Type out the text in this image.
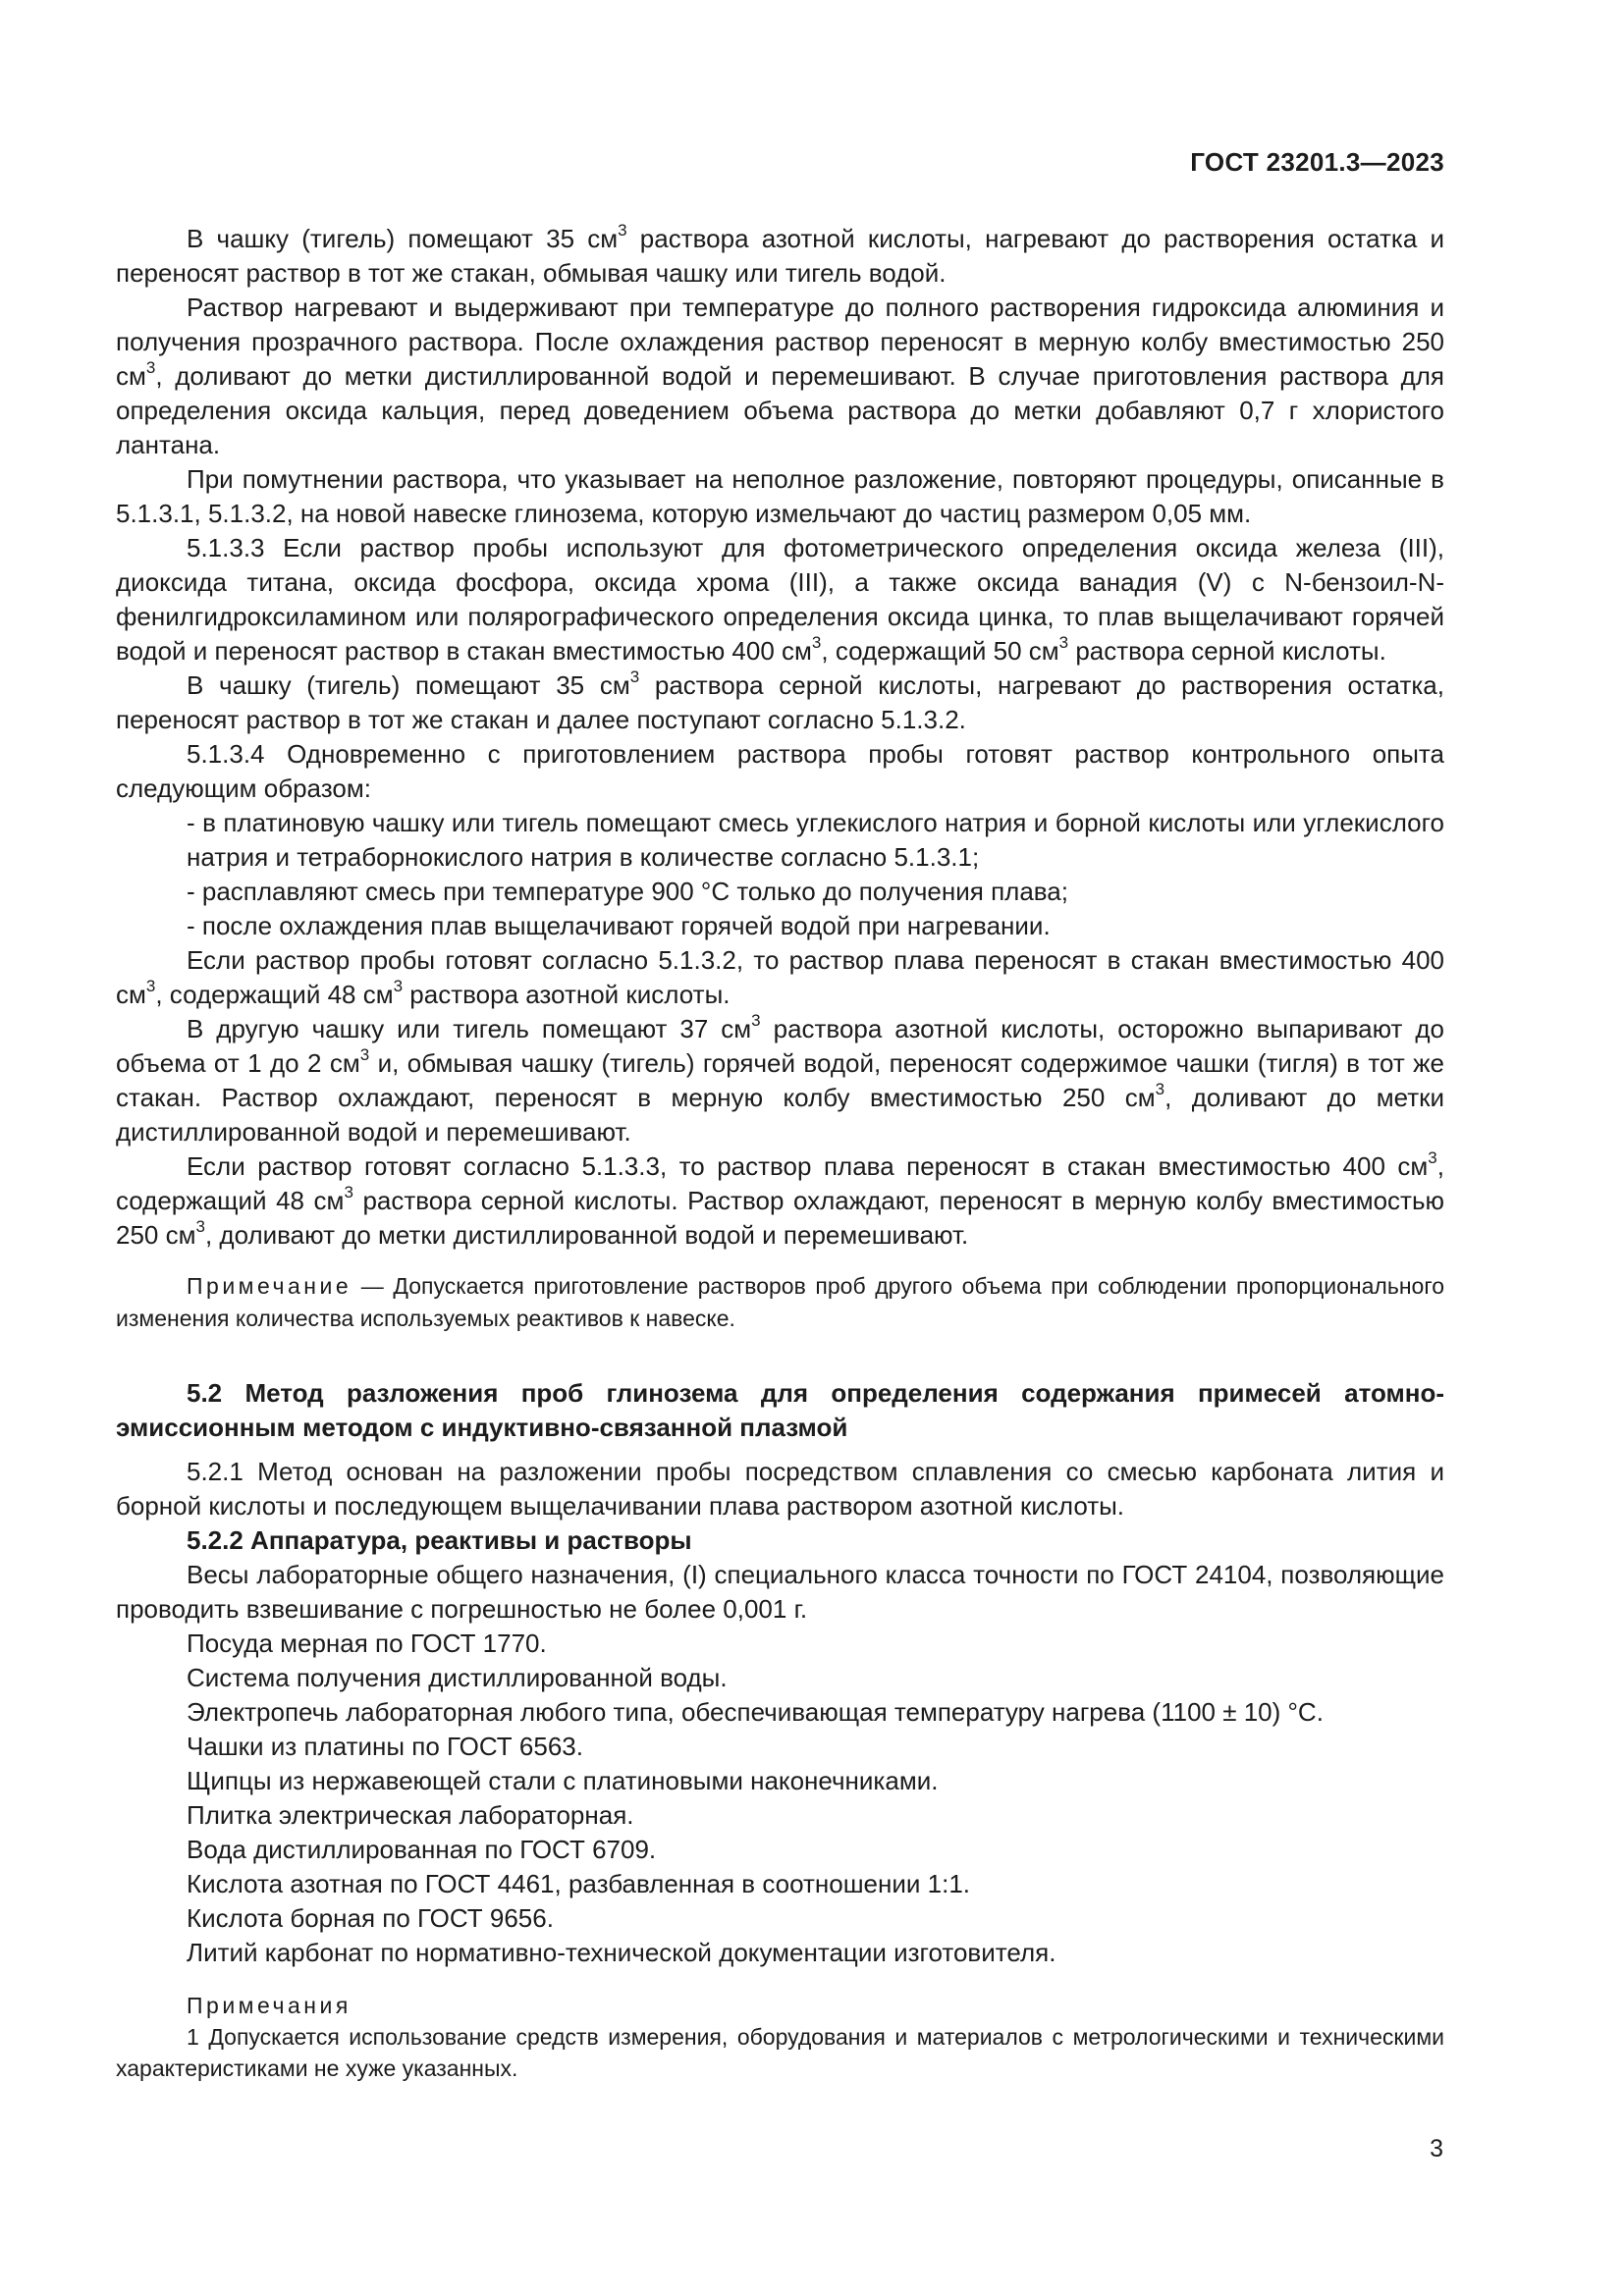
ГОСТ 23201.3—2023

В чашку (тигель) помещают 35 $см^3$ раствора азотной кислоты, нагревают до растворения остатка и переносят раствор в тот же стакан, обмывая чашку или тигель водой.

Раствор нагревают и выдерживают при температуре до полного растворения гидроксида алюминия и получения прозрачного раствора. После охлаждения раствор переносят в мерную колбу вместимостью 250 $см^3$, доливают до метки дистиллированной водой и перемешивают. В случае приготовления раствора для определения оксида кальция, перед доведением объема раствора до метки добавляют 0,7 г хлористого лантана.

При помутнении раствора, что указывает на неполное разложение, повторяют процедуры, описанные в 5.1.3.1, 5.1.3.2, на новой навеске глинозема, которую измельчают до частиц размером 0,05 мм.

5.1.3.3 Если раствор пробы используют для фотометрического определения оксида железа (III), диоксида титана, оксида фосфора, оксида хрома (III), а также оксида ванадия (V) с N-бензоил-N-фенилгидроксиламином или полярографического определения оксида цинка, то плав выщелачивают горячей водой и переносят раствор в стакан вместимостью 400 $см^3$, содержащий 50 $см^3$ раствора серной кислоты.

В чашку (тигель) помещают 35 $см^3$ раствора серной кислоты, нагревают до растворения остатка, переносят раствор в тот же стакан и далее поступают согласно 5.1.3.2.

5.1.3.4 Одновременно с приготовлением раствора пробы готовят раствор контрольного опыта следующим образом:

- в платиновую чашку или тигель помещают смесь углекислого натрия и борной кислоты или углекислого натрия и тетраборнокислого натрия в количестве согласно 5.1.3.1;

- расплавляют смесь при температуре 900 °С только до получения плава;

- после охлаждения плав выщелачивают горячей водой при нагревании.

Если раствор пробы готовят согласно 5.1.3.2, то раствор плава переносят в стакан вместимостью 400 $см^3$, содержащий 48 $см^3$ раствора азотной кислоты.

В другую чашку или тигель помещают 37 $см^3$ раствора азотной кислоты, осторожно выпаривают до объема от 1 до 2 $см^3$ и, обмывая чашку (тигель) горячей водой, переносят содержимое чашки (тигля) в тот же стакан. Раствор охлаждают, переносят в мерную колбу вместимостью 250 $см^3$, доливают до метки дистиллированной водой и перемешивают.

Если раствор готовят согласно 5.1.3.3, то раствор плава переносят в стакан вместимостью 400 $см^3$, содержащий 48 $см^3$ раствора серной кислоты. Раствор охлаждают, переносят в мерную колбу вместимостью 250 $см^3$, доливают до метки дистиллированной водой и перемешивают.

Примечание — Допускается приготовление растворов проб другого объема при соблюдении пропорционального изменения количества используемых реактивов к навеске.

5.2 Метод разложения проб глинозема для определения содержания примесей атомно-эмиссионным методом с индуктивно-связанной плазмой

5.2.1 Метод основан на разложении пробы посредством сплавления со смесью карбоната лития и борной кислоты и последующем выщелачивании плава раствором азотной кислоты.

5.2.2 Аппаратура, реактивы и растворы

Весы лабораторные общего назначения, (I) специального класса точности по ГОСТ 24104, позволяющие проводить взвешивание с погрешностью не более 0,001 г.

Посуда мерная по ГОСТ 1770.

Система получения дистиллированной воды.

Электропечь лабораторная любого типа, обеспечивающая температуру нагрева (1100 ± 10) °С.

Чашки из платины по ГОСТ 6563.

Щипцы из нержавеющей стали с платиновыми наконечниками.

Плитка электрическая лабораторная.

Вода дистиллированная по ГОСТ 6709.

Кислота азотная по ГОСТ 4461, разбавленная в соотношении 1:1.

Кислота борная по ГОСТ 9656.

Литий карбонат по нормативно-технической документации изготовителя.

Примечания

1 Допускается использование средств измерения, оборудования и материалов с метрологическими и техническими характеристиками не хуже указанных.

3
